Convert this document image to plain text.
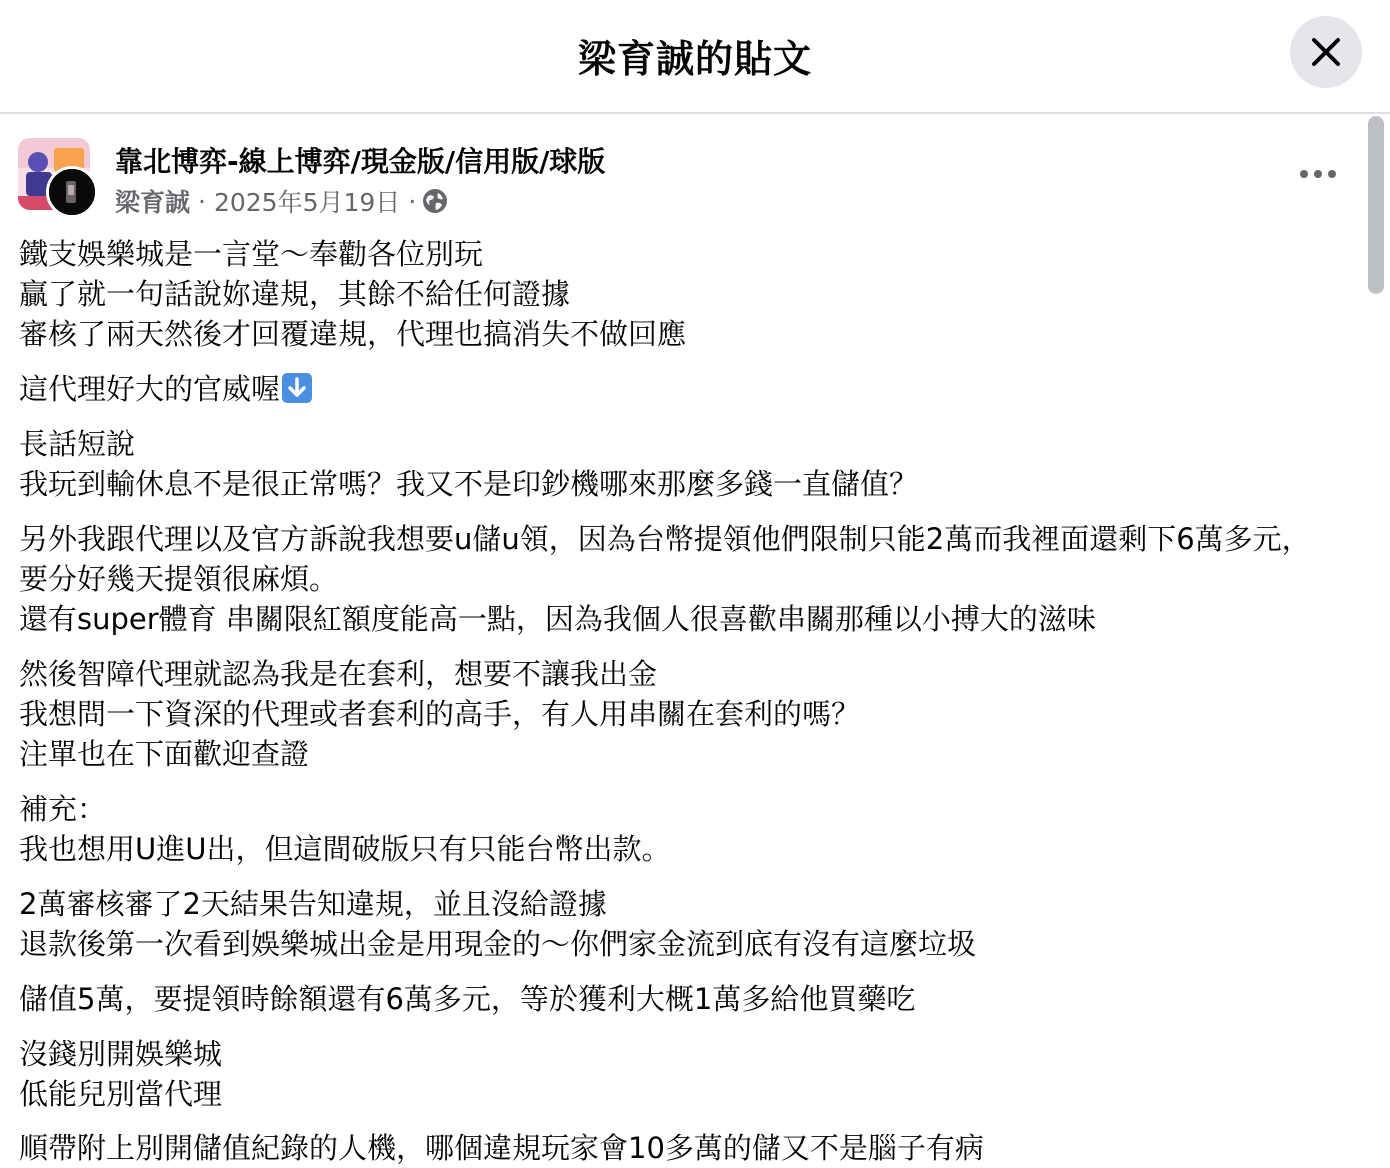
梁育誠的貼文
靠北博弈-線上博弈/現金版/信用版/球版
梁育誠 · 2025年5月19日 ·
鐵支娛樂城是一言堂～奉勸各位別玩
贏了就一句話說妳違規，其餘不給任何證據
審核了兩天然後才回覆違規，代理也搞消失不做回應
這代理好大的官威喔
長話短說
我玩到輸休息不是很正常嗎？我又不是印鈔機哪來那麼多錢一直儲值？
另外我跟代理以及官方訴說我想要u儲u領，因為台幣提領他們限制只能2萬而我裡面還剩下6萬多元，
要分好幾天提領很麻煩。
還有super體育 串關限紅額度能高一點，因為我個人很喜歡串關那種以小搏大的滋味
然後智障代理就認為我是在套利，想要不讓我出金
我想問一下資深的代理或者套利的高手，有人用串關在套利的嗎？
注單也在下面歡迎查證
補充：
我也想用U進U出，但這間破版只有只能台幣出款。
2萬審核審了2天結果告知違規，並且沒給證據
退款後第一次看到娛樂城出金是用現金的～你們家金流到底有沒有這麼垃圾
儲值5萬，要提領時餘額還有6萬多元，等於獲利大概1萬多給他買藥吃
沒錢別開娛樂城
低能兒別當代理
順帶附上別開儲值紀錄的人機，哪個違規玩家會10多萬的儲又不是腦子有病
